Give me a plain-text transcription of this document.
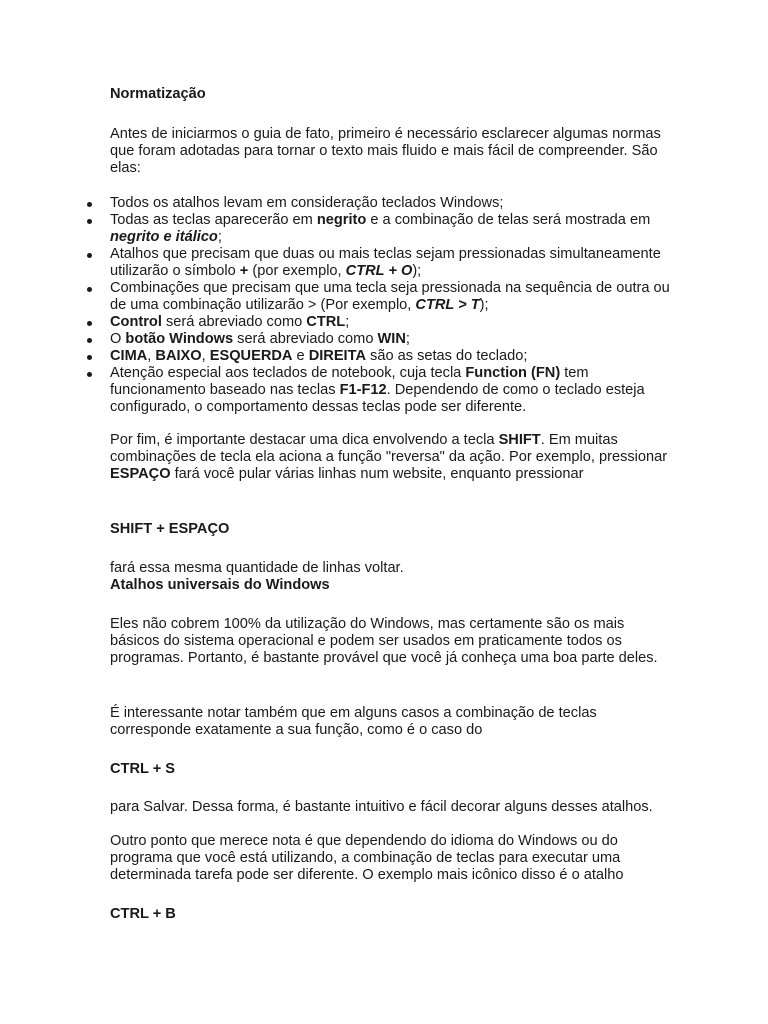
Normatização

Antes de iniciarmos o guia de fato, primeiro é necessário esclarecer algumas normas que foram adotadas para tornar o texto mais fluido e mais fácil de compreender. São elas:

Todos os atalhos levam em consideração teclados Windows;
Todas as teclas aparecerão em negrito e a combinação de telas será mostrada em negrito e itálico;
Atalhos que precisam que duas ou mais teclas sejam pressionadas simultaneamente utilizarão o símbolo + (por exemplo, CTRL + O);
Combinações que precisam que uma tecla seja pressionada na sequência de outra ou de uma combinação utilizarão > (Por exemplo, CTRL > T);
Control será abreviado como CTRL;
O botão Windows será abreviado como WIN;
CIMA, BAIXO, ESQUERDA e DIREITA são as setas do teclado;
Atenção especial aos teclados de notebook, cuja tecla Function (FN) tem funcionamento baseado nas teclas F1-F12. Dependendo de como o teclado esteja configurado, o comportamento dessas teclas pode ser diferente.

Por fim, é importante destacar uma dica envolvendo a tecla SHIFT. Em muitas combinações de tecla ela aciona a função "reversa" da ação. Por exemplo, pressionar ESPAÇO fará você pular várias linhas num website, enquanto pressionar

SHIFT + ESPAÇO

fará essa mesma quantidade de linhas voltar.

Atalhos universais do Windows

Eles não cobrem 100% da utilização do Windows, mas certamente são os mais básicos do sistema operacional e podem ser usados em praticamente todos os programas. Portanto, é bastante provável que você já conheça uma boa parte deles.

É interessante notar também que em alguns casos a combinação de teclas corresponde exatamente a sua função, como é o caso do

CTRL + S

para Salvar. Dessa forma, é bastante intuitivo e fácil decorar alguns desses atalhos.

Outro ponto que merece nota é que dependendo do idioma do Windows ou do programa que você está utilizando, a combinação de teclas para executar uma determinada tarefa pode ser diferente. O exemplo mais icônico disso é o atalho

CTRL + B
